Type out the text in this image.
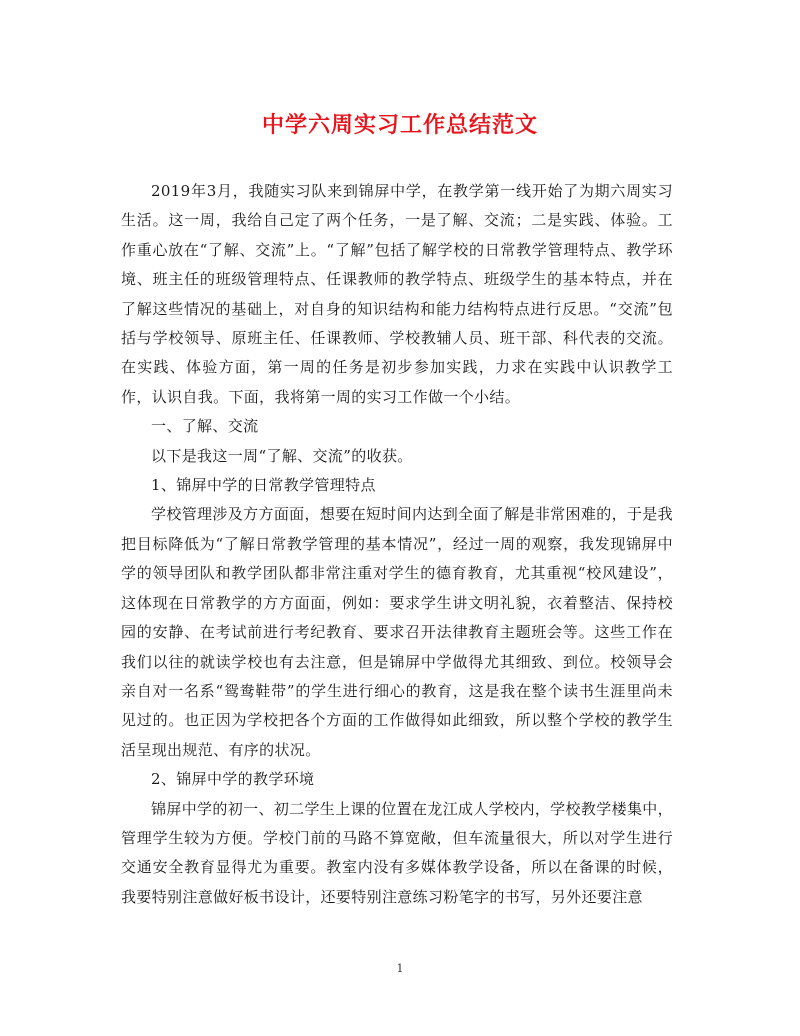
中学六周实习工作总结范文

2019年3月，我随实习队来到锦屏中学，在教学第一线开始了为期六周实习生活。这一周，我给自己定了两个任务，一是了解、交流；二是实践、体验。工作重心放在“了解、交流”上。“了解”包括了解学校的日常教学管理特点、教学环境、班主任的班级管理特点、任课教师的教学特点、班级学生的基本特点，并在了解这些情况的基础上，对自身的知识结构和能力结构特点进行反思。“交流”包括与学校领导、原班主任、任课教师、学校教辅人员、班干部、科代表的交流。在实践、体验方面，第一周的任务是初步参加实践，力求在实践中认识教学工作，认识自我。下面，我将第一周的实习工作做一个小结。

一、了解、交流

以下是我这一周“了解、交流”的收获。

1、锦屏中学的日常教学管理特点

学校管理涉及方方面面，想要在短时间内达到全面了解是非常困难的，于是我把目标降低为“了解日常教学管理的基本情况”，经过一周的观察，我发现锦屏中学的领导团队和教学团队都非常注重对学生的德育教育，尤其重视“校风建设”，这体现在日常教学的方方面面，例如：要求学生讲文明礼貌，衣着整洁、保持校园的安静、在考试前进行考纪教育、要求召开法律教育主题班会等。这些工作在我们以往的就读学校也有去注意，但是锦屏中学做得尤其细致、到位。校领导会亲自对一名系“鸳鸯鞋带”的学生进行细心的教育，这是我在整个读书生涯里尚未见过的。也正因为学校把各个方面的工作做得如此细致，所以整个学校的教学生活呈现出规范、有序的状况。

2、锦屏中学的教学环境

锦屏中学的初一、初二学生上课的位置在龙江成人学校内，学校教学楼集中，管理学生较为方便。学校门前的马路不算宽敞，但车流量很大，所以对学生进行交通安全教育显得尤为重要。教室内没有多媒体教学设备，所以在备课的时候，我要特别注意做好板书设计，还要特别注意练习粉笔字的书写，另外还要注意

1
